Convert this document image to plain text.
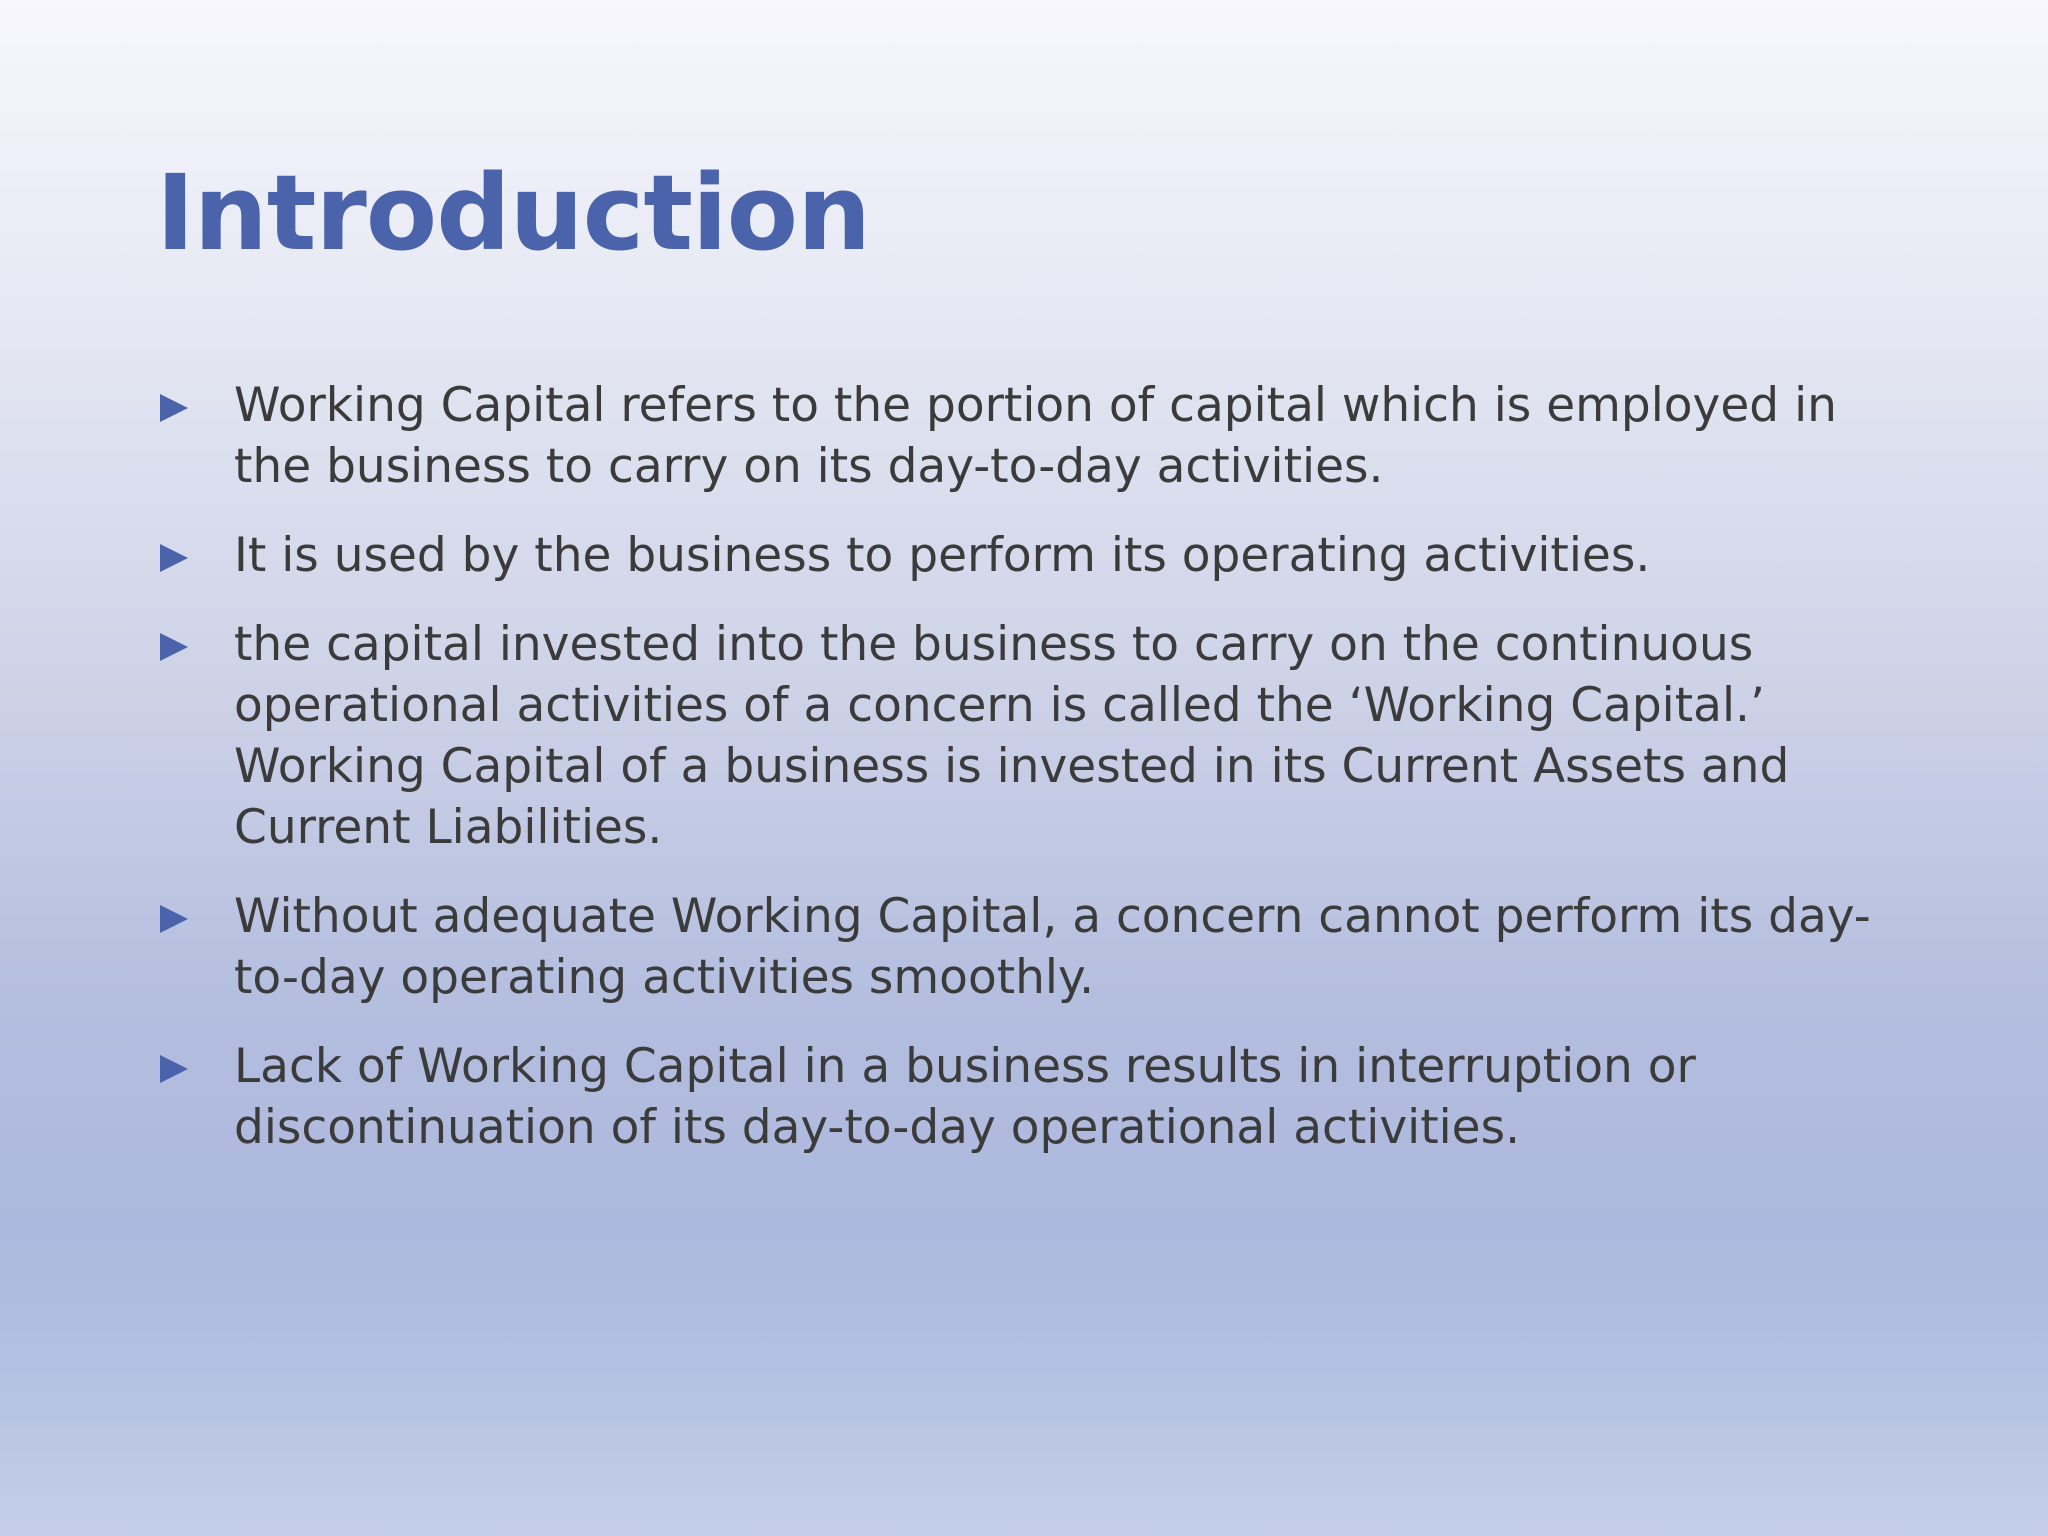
Introduction
Working Capital refers to the portion of capital which is employed in the business to carry on its day-to-day activities.
It is used by the business to perform its operating activities.
the capital invested into the business to carry on the continuous operational activities of a concern is called the ‘Working Capital.’ Working Capital of a business is invested in its Current Assets and Current Liabilities.
Without adequate Working Capital, a concern cannot perform its day-to-day operating activities smoothly.
Lack of Working Capital in a business results in interruption or discontinuation of its day-to-day operational activities.
